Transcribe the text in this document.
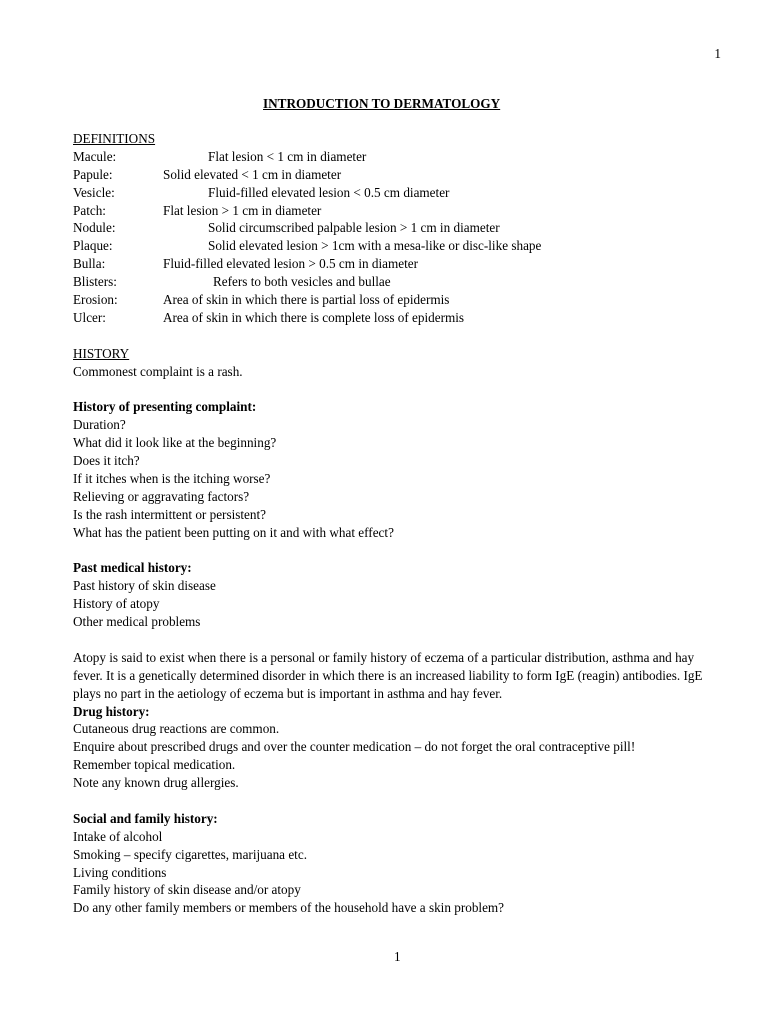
1
INTRODUCTION TO DERMATOLOGY
DEFINITIONS
Macule:	Flat lesion < 1 cm in diameter
Papule:	Solid elevated < 1 cm in diameter
Vesicle:	Fluid-filled elevated lesion < 0.5 cm diameter
Patch:	Flat lesion > 1 cm in diameter
Nodule:	Solid circumscribed palpable lesion > 1 cm in diameter
Plaque:	Solid elevated lesion > 1cm with a mesa-like or disc-like shape
Bulla:	Fluid-filled elevated lesion > 0.5 cm in diameter
Blisters:	Refers to both vesicles and bullae
Erosion:	Area of skin in which there is partial loss of epidermis
Ulcer:	Area of skin in which there is complete loss of epidermis
HISTORY
Commonest complaint is a rash.
History of presenting complaint:
Duration?
What did it look like at the beginning?
Does it itch?
If it itches when is the itching worse?
Relieving or aggravating factors?
Is the rash intermittent or persistent?
What has the patient been putting on it and with what effect?
Past medical history:
Past history of skin disease
History of atopy
Other medical problems
Atopy is said to exist when there is a personal or family history of eczema of a particular distribution, asthma and hay fever. It is a genetically determined disorder in which there is an increased liability to form IgE (reagin) antibodies. IgE plays no part in the aetiology of eczema but is important in asthma and hay fever.
Drug history:
Cutaneous drug reactions are common.
Enquire about prescribed drugs and over the counter medication – do not forget the oral contraceptive pill!
Remember topical medication.
Note any known drug allergies.
Social and family history:
Intake of alcohol
Smoking – specify cigarettes, marijuana etc.
Living conditions
Family history of skin disease and/or atopy
Do any other family members or members of the household have a skin problem?
1
